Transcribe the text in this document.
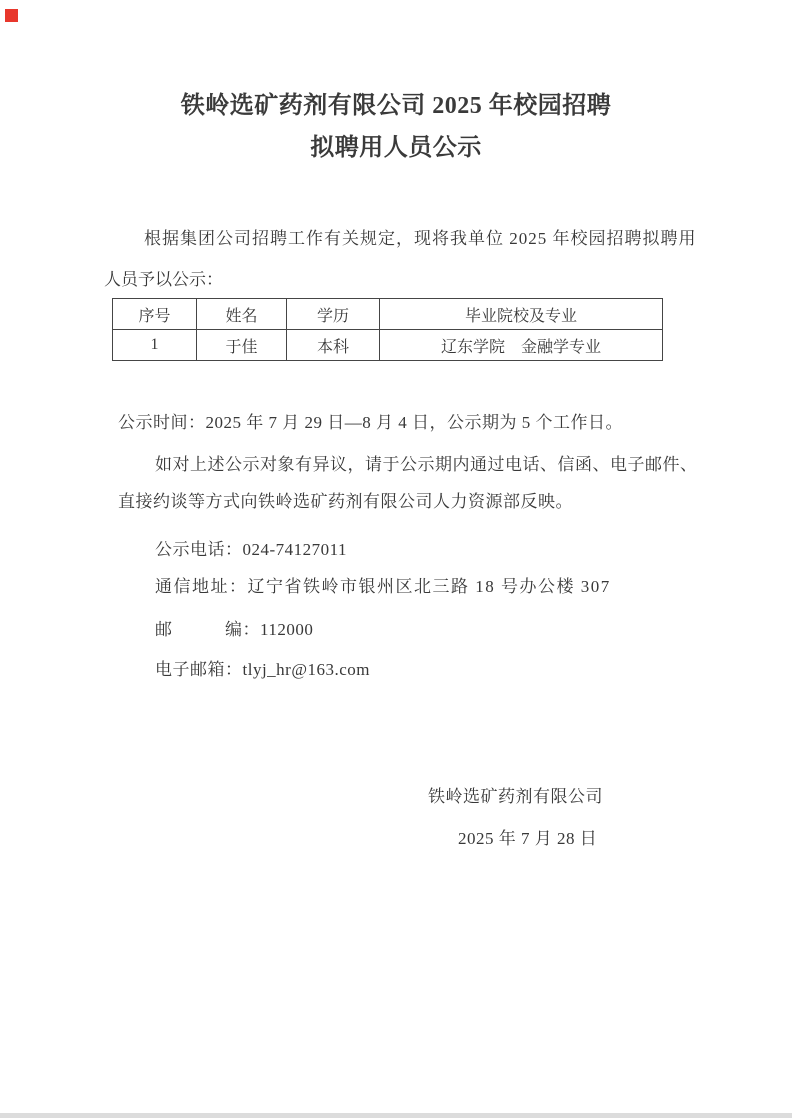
铁岭选矿药剂有限公司 2025 年校园招聘
拟聘用人员公示
根据集团公司招聘工作有关规定，现将我单位 2025 年校园招聘拟聘用
人员予以公示：
序号	姓名	学历	毕业院校及专业
1	于佳	本科	辽东学院　金融学专业
公示时间：2025 年 7 月 29 日—8 月 4 日，公示期为 5 个工作日。
如对上述公示对象有异议，请于公示期内通过电话、信函、电子邮件、
直接约谈等方式向铁岭选矿药剂有限公司人力资源部反映。
公示电话：024-74127011
通信地址：辽宁省铁岭市银州区北三路 18 号办公楼 307
邮　　　编：112000
电子邮箱：tlyj_hr@163.com
铁岭选矿药剂有限公司
2025 年 7 月 28 日
